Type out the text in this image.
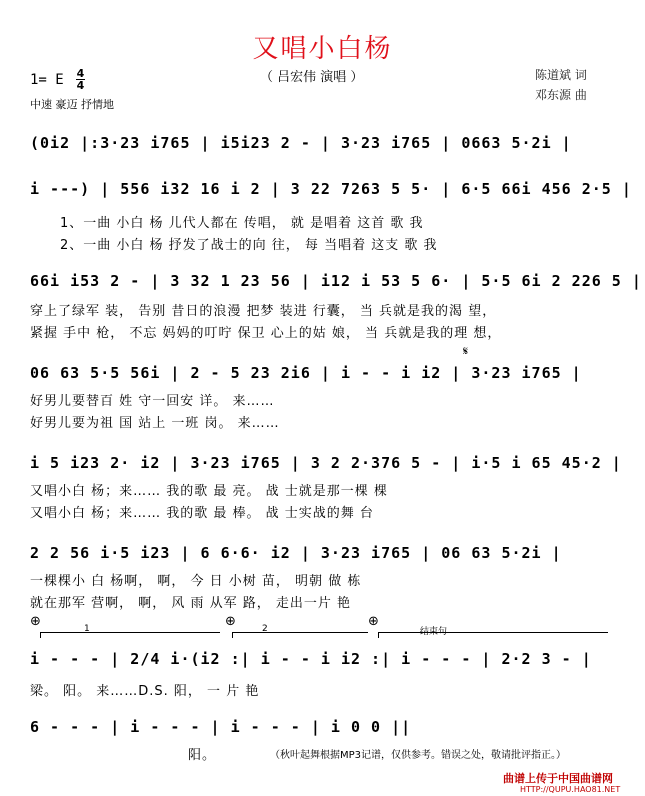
又唱小白杨
（ 吕宏伟 演唱 ）
1= E 4
4
中速 豪迈 抒情地
陈道斌 词
邓东源 曲
(0i2 |:3·23 i765 | i5i23 2 - | 3·23 i765 | 0663 5·2i |
i ---) | 556 i32 16 i 2 | 3 22 7263 5 5· | 6·5 66i 456 2·5 |
1、一曲 小白 杨 儿代人都在 传唱， 就 是唱着 这首 歌 我
2、一曲 小白 杨 抒发了战士的向 往， 每 当唱着 这支 歌 我
66i i53 2 - | 3 32 1 23 56 | i12 i 53 5 6· | 5·5 6i 2 226 5 |
穿上了绿军 装， 告别 昔日的浪漫 把梦 装进 行囊， 当 兵就是我的渴 望，
紧握 手中 枪， 不忘 妈妈的叮咛 保卫 心上的姑 娘， 当 兵就是我的理 想，
𝄋
06 63 5·5 56i | 2 - 5 23 2i6 | i - - i i2 | 3·23 i765 |
好男儿要替百 姓 守一回安 详。 来……
好男儿要为祖 国 站上 一班 岗。 来……
i 5 i23 2· i2 | 3·23 i765 | 3 2 2·376 5 - | i·5 i 65 45·2 |
又唱小白 杨；来…… 我的歌 最 亮。 战 士就是那一棵 棵
又唱小白 杨；来…… 我的歌 最 棒。 战 士实战的舞 台
2 2 56 i·5 i23 | 6 6·6· i2 | 3·23 i765 | 06 63 5·2i |
一棵棵小 白 杨啊， 啊， 今 日 小树 苗， 明朝 做 栋
就在那军 营啊， 啊， 风 雨 从军 路， 走出一片 艳
⊕	⊕	⊕
1	2	结束句
i - - - | 2/4 i·(i2 :| i - - i i2 :| i - - - | 2·2 3 - |
梁。 阳。 来……D.S. 阳， 一 片 艳
6 - - - | i - - - | i - - - | i 0 0 ||
阳。	（秋叶起舞根据MP3记谱，仅供参考。错误之处，敬请批评指正。）
曲谱上传于中国曲谱网
HTTP://QUPU.HAO81.NET
